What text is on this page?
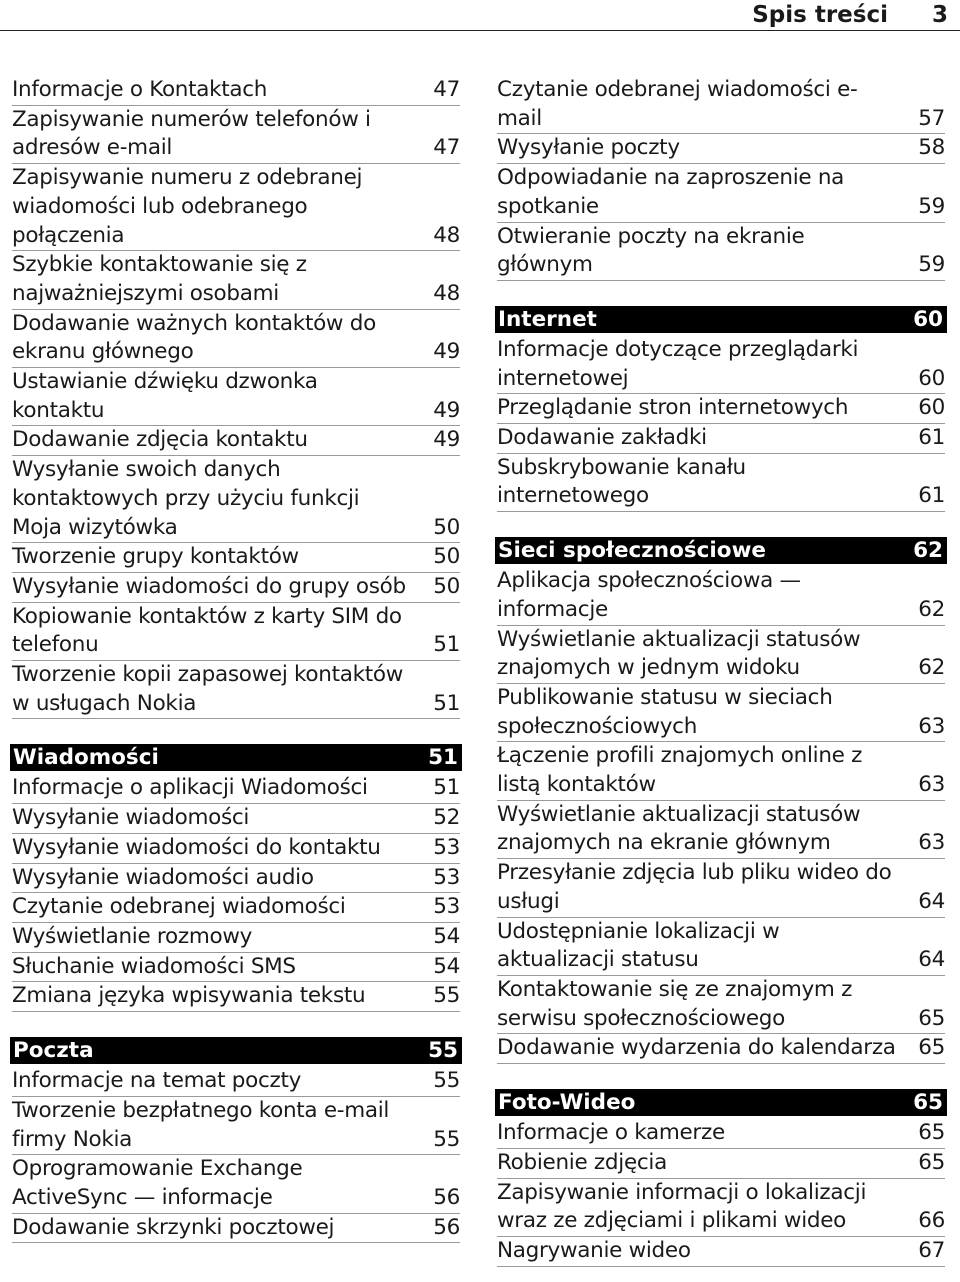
Spis treści 3
Informacje o Kontaktach	47
Zapisywanie numerów telefonów i adresów e-mail	47
Zapisywanie numeru z odebranej wiadomości lub odebranego połączenia	48
Szybkie kontaktowanie się z najważniejszymi osobami	48
Dodawanie ważnych kontaktów do ekranu głównego	49
Ustawianie dźwięku dzwonka kontaktu	49
Dodawanie zdjęcia kontaktu	49
Wysyłanie swoich danych kontaktowych przy użyciu funkcji Moja wizytówka	50
Tworzenie grupy kontaktów	50
Wysyłanie wiadomości do grupy osób 50
Kopiowanie kontaktów z karty SIM do telefonu	51
Tworzenie kopii zapasowej kontaktów w usługach Nokia	51
Wiadomości	51
Informacje o aplikacji Wiadomości	51
Wysyłanie wiadomości	52
Wysyłanie wiadomości do kontaktu	53
Wysyłanie wiadomości audio	53
Czytanie odebranej wiadomości	53
Wyświetlanie rozmowy	54
Słuchanie wiadomości SMS	54
Zmiana języka wpisywania tekstu	55
Poczta	55
Informacje na temat poczty	55
Tworzenie bezpłatnego konta e-mail firmy Nokia	55
Oprogramowanie Exchange ActiveSync — informacje	56
Dodawanie skrzynki pocztowej	56
Czytanie odebranej wiadomości e-mail	57
Wysyłanie poczty	58
Odpowiadanie na zaproszenie na spotkanie	59
Otwieranie poczty na ekranie głównym	59
Internet	60
Informacje dotyczące przeglądarki internetowej	60
Przeglądanie stron internetowych	60
Dodawanie zakładki	61
Subskrybowanie kanału internetowego	61
Sieci społecznościowe	62
Aplikacja społecznościowa — informacje	62
Wyświetlanie aktualizacji statusów znajomych w jednym widoku	62
Publikowanie statusu w sieciach społecznościowych	63
Łączenie profili znajomych online z listą kontaktów	63
Wyświetlanie aktualizacji statusów znajomych na ekranie głównym	63
Przesyłanie zdjęcia lub pliku wideo do usługi	64
Udostępnianie lokalizacji w aktualizacji statusu	64
Kontaktowanie się ze znajomym z serwisu społecznościowego	65
Dodawanie wydarzenia do kalendarza 65
Foto-Wideo	65
Informacje o kamerze	65
Robienie zdjęcia	65
Zapisywanie informacji o lokalizacji wraz ze zdjęciami i plikami wideo	66
Nagrywanie wideo	67
